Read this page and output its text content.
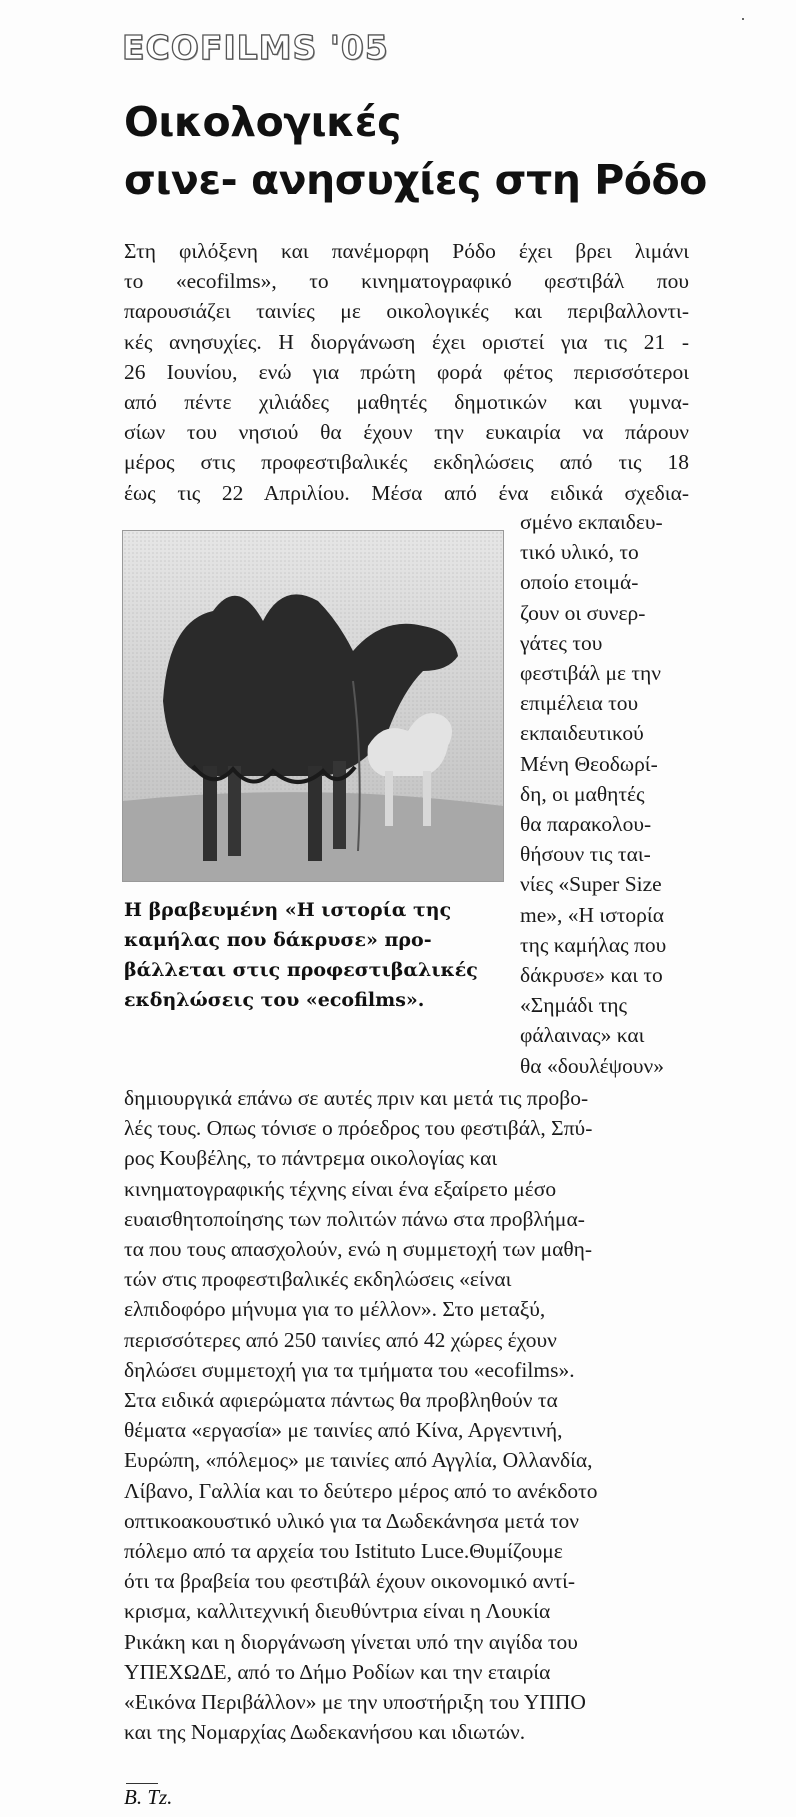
ECOFILMS '05
Οικολογικές
σινε- ανησυχίες στη Ρόδο
Στη φιλόξενη και πανέμορφη Ρόδο έχει βρει λιμάνι
το «ecofilms», το κινηματογραφικό φεστιβάλ που
παρουσιάζει ταινίες με οικολογικές και περιβαλλοντι-
κές ανησυχίες. Η διοργάνωση έχει οριστεί για τις 21 -
26 Ιουνίου, ενώ για πρώτη φορά φέτος περισσότεροι
από πέντε χιλιάδες μαθητές δημοτικών και γυμνα-
σίων του νησιού θα έχουν την ευκαιρία να πάρουν
μέρος στις προφεστιβαλικές εκδηλώσεις από τις 18
έως τις 22 Απριλίου. Μέσα από ένα ειδικά σχεδια-
Η βραβευμένη «Η ιστορία της
καμήλας που δάκρυσε» προ-
βάλλεται στις προφεστιβαλικές
εκδηλώσεις του «ecofilms».
σμένο εκπαιδευ-
τικό υλικό, το
οποίο ετοιμά-
ζουν οι συνερ-
γάτες του
φεστιβάλ με την
επιμέλεια του
εκπαιδευτικού
Μένη Θεοδωρί-
δη, οι μαθητές
θα παρακολου-
θήσουν τις ται-
νίες «Super Size
me», «Η ιστορία
της καμήλας που
δάκρυσε» και το
«Σημάδι της
φάλαινας» και
θα «δουλέψουν»
δημιουργικά επάνω σε αυτές πριν και μετά τις προβο-
λές τους. Οπως τόνισε ο πρόεδρος του φεστιβάλ, Σπύ-
ρος Κουβέλης, το πάντρεμα οικολογίας και
κινηματογραφικής τέχνης είναι ένα εξαίρετο μέσο
ευαισθητοποίησης των πολιτών πάνω στα προβλήμα-
τα που τους απασχολούν, ενώ η συμμετοχή των μαθη-
τών στις προφεστιβαλικές εκδηλώσεις «είναι
ελπιδοφόρο μήνυμα για το μέλλον». Στο μεταξύ,
περισσότερες από 250 ταινίες από 42 χώρες έχουν
δηλώσει συμμετοχή για τα τμήματα του «ecofilms».
Στα ειδικά αφιερώματα πάντως θα προβληθούν τα
θέματα «εργασία» με ταινίες από Κίνα, Αργεντινή,
Ευρώπη, «πόλεμος» με ταινίες από Αγγλία, Ολλανδία,
Λίβανο, Γαλλία και το δεύτερο μέρος από το ανέκδοτο
οπτικοακουστικό υλικό για τα Δωδεκάνησα μετά τον
πόλεμο από τα αρχεία του Istituto Luce.Θυμίζουμε
ότι τα βραβεία του φεστιβάλ έχουν οικονομικό αντί-
κρισμα, καλλιτεχνική διευθύντρια είναι η Λουκία
Ρικάκη και η διοργάνωση γίνεται υπό την αιγίδα του
ΥΠΕΧΩΔΕ, από το Δήμο Ροδίων και την εταιρία
«Εικόνα Περιβάλλον» με την υποστήριξη του ΥΠΠΟ
και της Νομαρχίας Δωδεκανήσου και ιδιωτών.
B. Tz.
